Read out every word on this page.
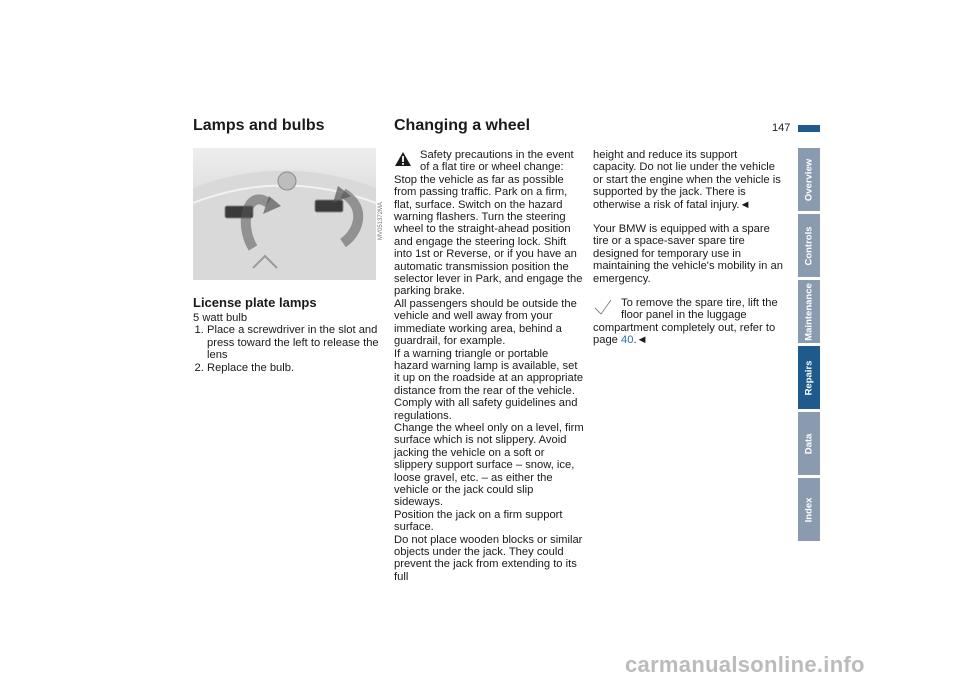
Lamps and bulbs
MV051372MA
License plate lamps

5 watt bulb

1. Place a screwdriver in the slot and press toward the left to release the lens
2. Replace the bulb.
Changing a wheel

Safety precautions in the event of a flat tire or wheel change:

Stop the vehicle as far as possible from passing traffic. Park on a firm, flat, surface. Switch on the hazard warning flashers. Turn the steering wheel to the straight-ahead position and engage the steering lock. Shift into 1st or Reverse, or if you have an automatic transmission position the selector lever in Park, and engage the parking brake.

All passengers should be outside the vehicle and well away from your immediate working area, behind a guardrail, for example.

If a warning triangle or portable hazard warning lamp is available, set it up on the roadside at an appropriate distance from the rear of the vehicle. Comply with all safety guidelines and regulations.

Change the wheel only on a level, firm surface which is not slippery. Avoid jacking the vehicle on a soft or slippery support surface – snow, ice, loose gravel, etc. – as either the vehicle or the jack could slip sideways.

Position the jack on a firm support surface.

Do not place wooden blocks or similar objects under the jack. They could prevent the jack from extending to its full

147

height and reduce its support capacity. Do not lie under the vehicle or start the engine when the vehicle is supported by the jack. There is otherwise a risk of fatal injury.◄

Your BMW is equipped with a spare tire or a space-saver spare tire designed for temporary use in maintaining the vehicle's mobility in an emergency.

To remove the spare tire, lift the floor panel in the luggage compartment completely out, refer to page 40.◄

Overview
Controls
Maintenance
Repairs
Data
Index
carmanualsonline.info
